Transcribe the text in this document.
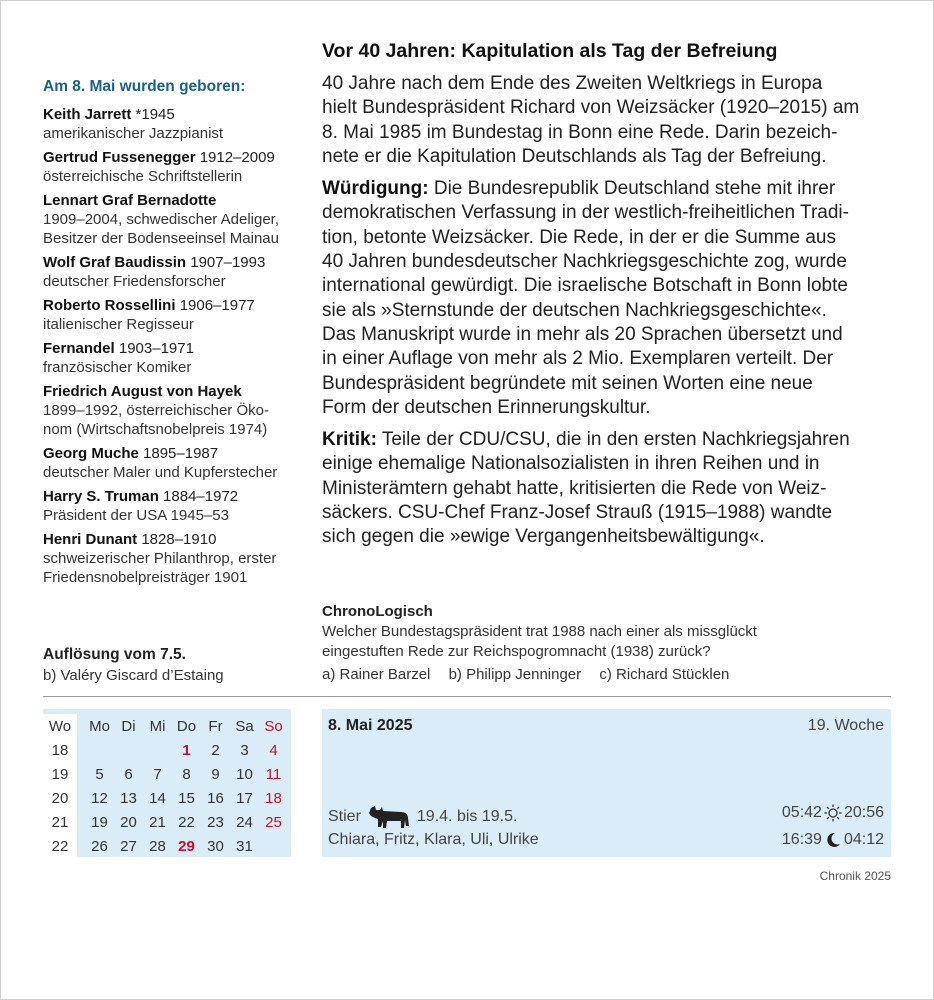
Am 8. Mai wurden geboren:
Keith Jarrett *1945
amerikanischer Jazzpianist
Gertrud Fussenegger 1912–2009
österreichische Schriftstellerin
Lennart Graf Bernadotte
1909–2004, schwedischer Adeliger,
Besitzer der Bodenseeinsel Mainau
Wolf Graf Baudissin 1907–1993
deutscher Friedensforscher
Roberto Rossellini 1906–1977
italienischer Regisseur
Fernandel 1903–1971
französischer Komiker
Friedrich August von Hayek
1899–1992, österreichischer Öko-
nom (Wirtschaftsnobelpreis 1974)
Georg Muche 1895–1987
deutscher Maler und Kupferstecher
Harry S. Truman 1884–1972
Präsident der USA 1945–53
Henri Dunant 1828–1910
schweizerischer Philanthrop, erster
Friedensnobelpreisträger 1901
Auflösung vom 7.5.
b) Valéry Giscard d’Estaing
Vor 40 Jahren: Kapitulation als Tag der Befreiung

40 Jahre nach dem Ende des Zweiten Weltkriegs in Europa
hielt Bundespräsident Richard von Weizsäcker (1920–2015) am
8. Mai 1985 im Bundestag in Bonn eine Rede. Darin bezeich-
nete er die Kapitulation Deutschlands als Tag der Befreiung.

Würdigung: Die Bundesrepublik Deutschland stehe mit ihrer
demokratischen Verfassung in der westlich-freiheitlichen Tradi-
tion, betonte Weizsäcker. Die Rede, in der er die Summe aus
40 Jahren bundesdeutscher Nachkriegsgeschichte zog, wurde
international gewürdigt. Die israelische Botschaft in Bonn lobte
sie als »Sternstunde der deutschen Nachkriegsgeschichte«.
Das Manuskript wurde in mehr als 20 Sprachen übersetzt und
in einer Auflage von mehr als 2 Mio. Exemplaren verteilt. Der
Bundespräsident begründete mit seinen Worten eine neue
Form der deutschen Erinnerungskultur.

Kritik: Teile der CDU/CSU, die in den ersten Nachkriegsjahren
einige ehemalige Nationalsozialisten in ihren Reihen und in
Ministerämtern gehabt hatte, kritisierten die Rede von Weiz-
säckers. CSU-Chef Franz-Josef Strauß (1915–1988) wandte
sich gegen die »ewige Vergangenheitsbewältigung«.

ChronoLogisch
Welcher Bundestagspräsident trat 1988 nach einer als missglückt
eingestuften Rede zur Reichspogromnacht (1938) zurück?
a) Rainer Barzel b) Philipp Jenninger c) Richard Stücklen
Wo		Mo	Di	Mi	Do	Fr	Sa	So
18					1	2	3	4
19		5	6	7	8	9	10	11
20		12	13	14	15	16	17	18
21		19	20	21	22	23	24	25
22		26	27	28	29	30	31	
8. Mai 2025	19. Woche
Stier	19.4. bis 19.5.
Chiara, Fritz, Klara, Uli, Ulrike
05:42 20:56
16:39 04:12
Chronik 2025
